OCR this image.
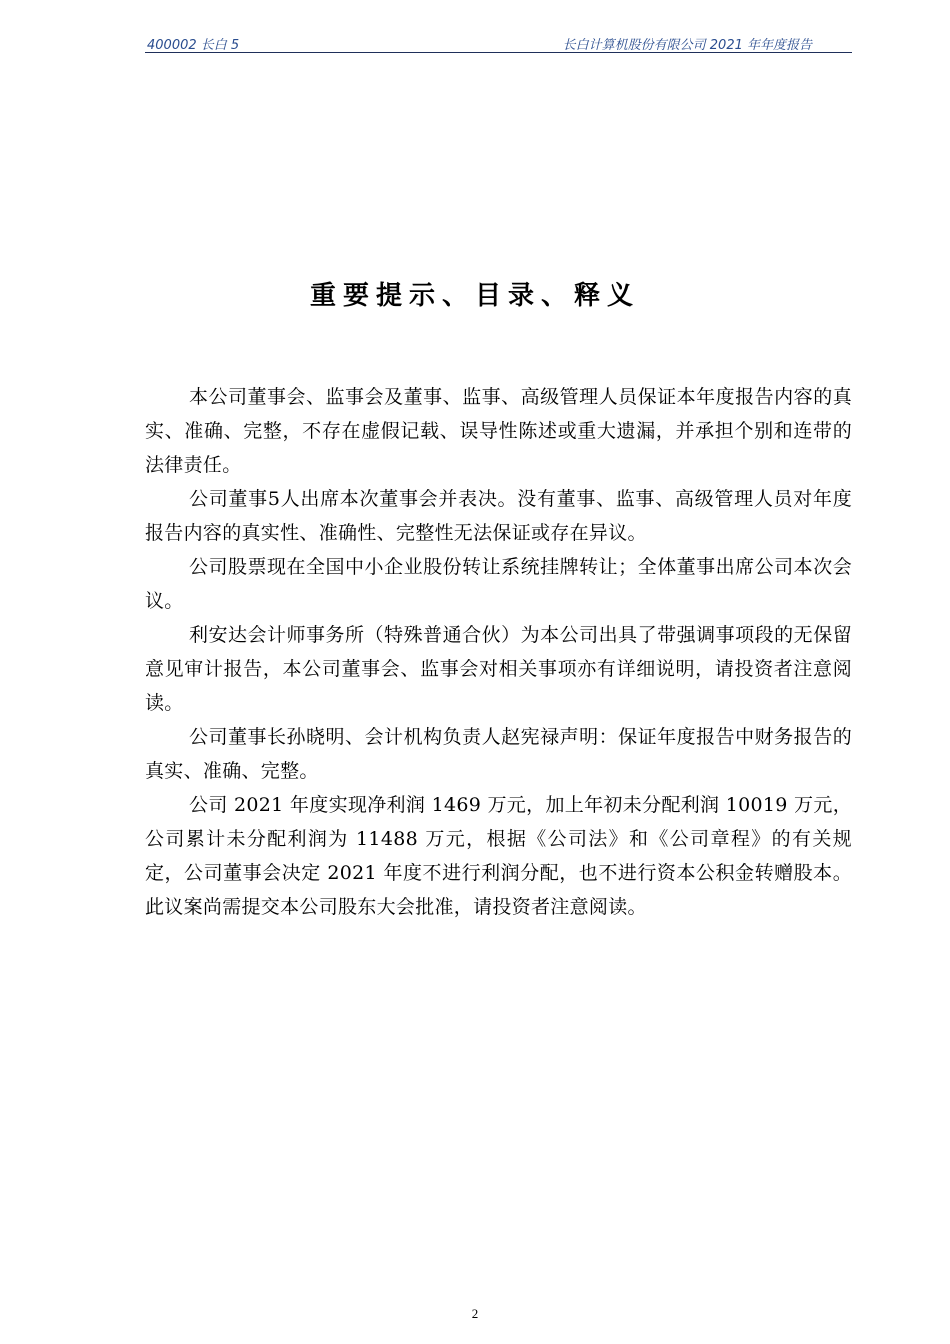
400002 长白 5	长白计算机股份有限公司 2021 年年度报告
重要提示、目录、释义

本公司董事会、监事会及董事、监事、高级管理人员保证本年度报告内容的真实、准确、完整，不存在虚假记载、误导性陈述或重大遗漏，并承担个别和连带的法律责任。

公司董事5人出席本次董事会并表决。没有董事、监事、高级管理人员对年度报告内容的真实性、准确性、完整性无法保证或存在异议。

公司股票现在全国中小企业股份转让系统挂牌转让；全体董事出席公司本次会议。

利安达会计师事务所（特殊普通合伙）为本公司出具了带强调事项段的无保留意见审计报告，本公司董事会、监事会对相关事项亦有详细说明，请投资者注意阅读。

公司董事长孙晓明、会计机构负责人赵宪禄声明：保证年度报告中财务报告的真实、准确、完整。

公司 2021 年度实现净利润 1469 万元，加上年初未分配利润 10019 万元，公司累计未分配利润为 11488 万元，根据《公司法》和《公司章程》的有关规定，公司董事会决定 2021 年度不进行利润分配，也不进行资本公积金转赠股本。此议案尚需提交本公司股东大会批准，请投资者注意阅读。

2
